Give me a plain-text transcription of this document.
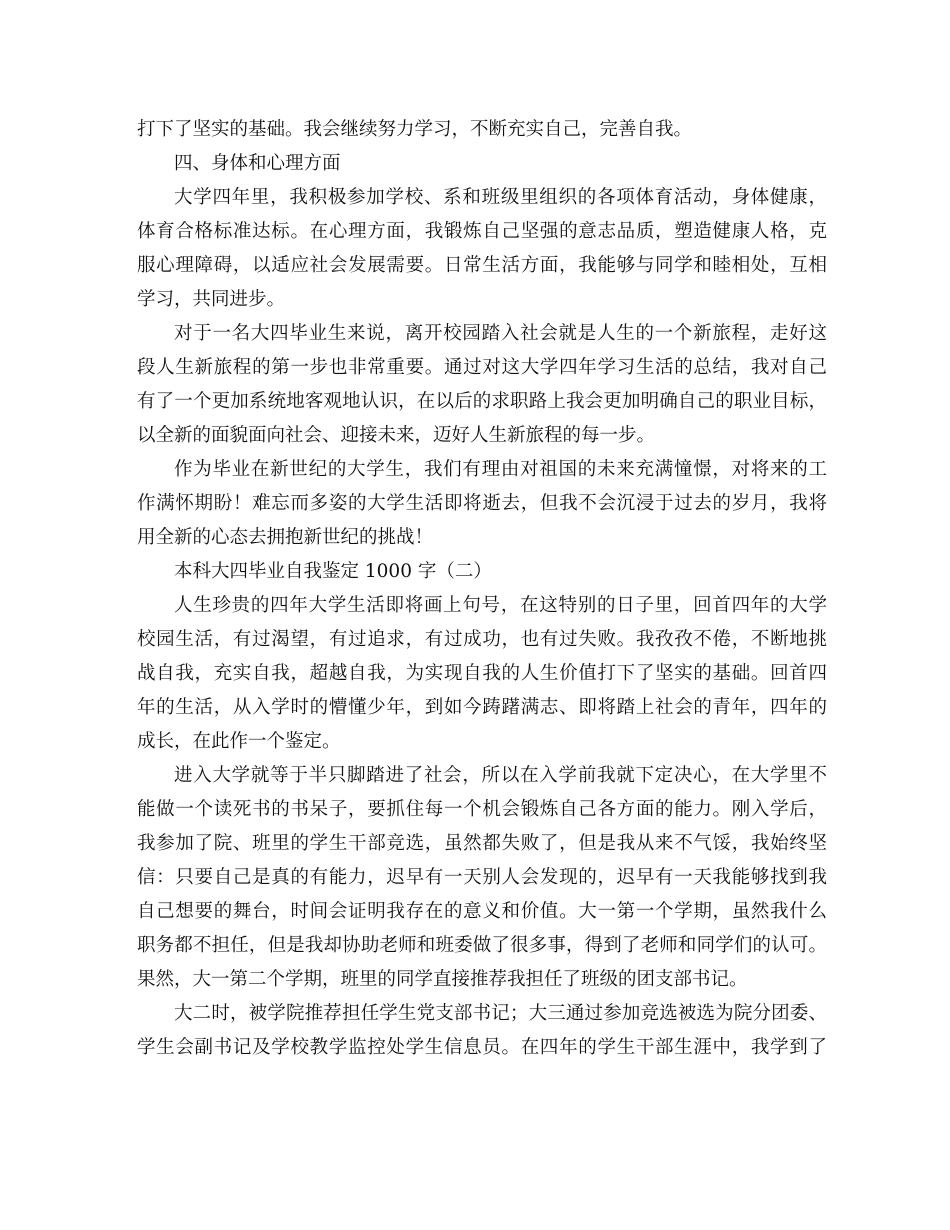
打下了坚实的基础。我会继续努力学习，不断充实自己，完善自我。
四、身体和心理方面
大学四年里，我积极参加学校、系和班级里组织的各项体育活动，身体健康，
体育合格标准达标。在心理方面，我锻炼自己坚强的意志品质，塑造健康人格，克
服心理障碍，以适应社会发展需要。日常生活方面，我能够与同学和睦相处，互相
学习，共同进步。
对于一名大四毕业生来说，离开校园踏入社会就是人生的一个新旅程，走好这
段人生新旅程的第一步也非常重要。通过对这大学四年学习生活的总结，我对自己
有了一个更加系统地客观地认识，在以后的求职路上我会更加明确自己的职业目标，
以全新的面貌面向社会、迎接未来，迈好人生新旅程的每一步。
作为毕业在新世纪的大学生，我们有理由对祖国的未来充满憧憬，对将来的工
作满怀期盼！难忘而多姿的大学生活即将逝去，但我不会沉浸于过去的岁月，我将
用全新的心态去拥抱新世纪的挑战！
本科大四毕业自我鉴定 1000 字（二）
人生珍贵的四年大学生活即将画上句号，在这特别的日子里，回首四年的大学
校园生活，有过渴望，有过追求，有过成功，也有过失败。我孜孜不倦，不断地挑
战自我，充实自我，超越自我，为实现自我的人生价值打下了坚实的基础。回首四
年的生活，从入学时的懵懂少年，到如今踌躇满志、即将踏上社会的青年，四年的
成长，在此作一个鉴定。
进入大学就等于半只脚踏进了社会，所以在入学前我就下定决心，在大学里不
能做一个读死书的书呆子，要抓住每一个机会锻炼自己各方面的能力。刚入学后，
我参加了院、班里的学生干部竞选，虽然都失败了，但是我从来不气馁，我始终坚
信：只要自己是真的有能力，迟早有一天别人会发现的，迟早有一天我能够找到我
自己想要的舞台，时间会证明我存在的意义和价值。大一第一个学期，虽然我什么
职务都不担任，但是我却协助老师和班委做了很多事，得到了老师和同学们的认可。
果然，大一第二个学期，班里的同学直接推荐我担任了班级的团支部书记。
大二时，被学院推荐担任学生党支部书记；大三通过参加竞选被选为院分团委、
学生会副书记及学校教学监控处学生信息员。在四年的学生干部生涯中，我学到了
